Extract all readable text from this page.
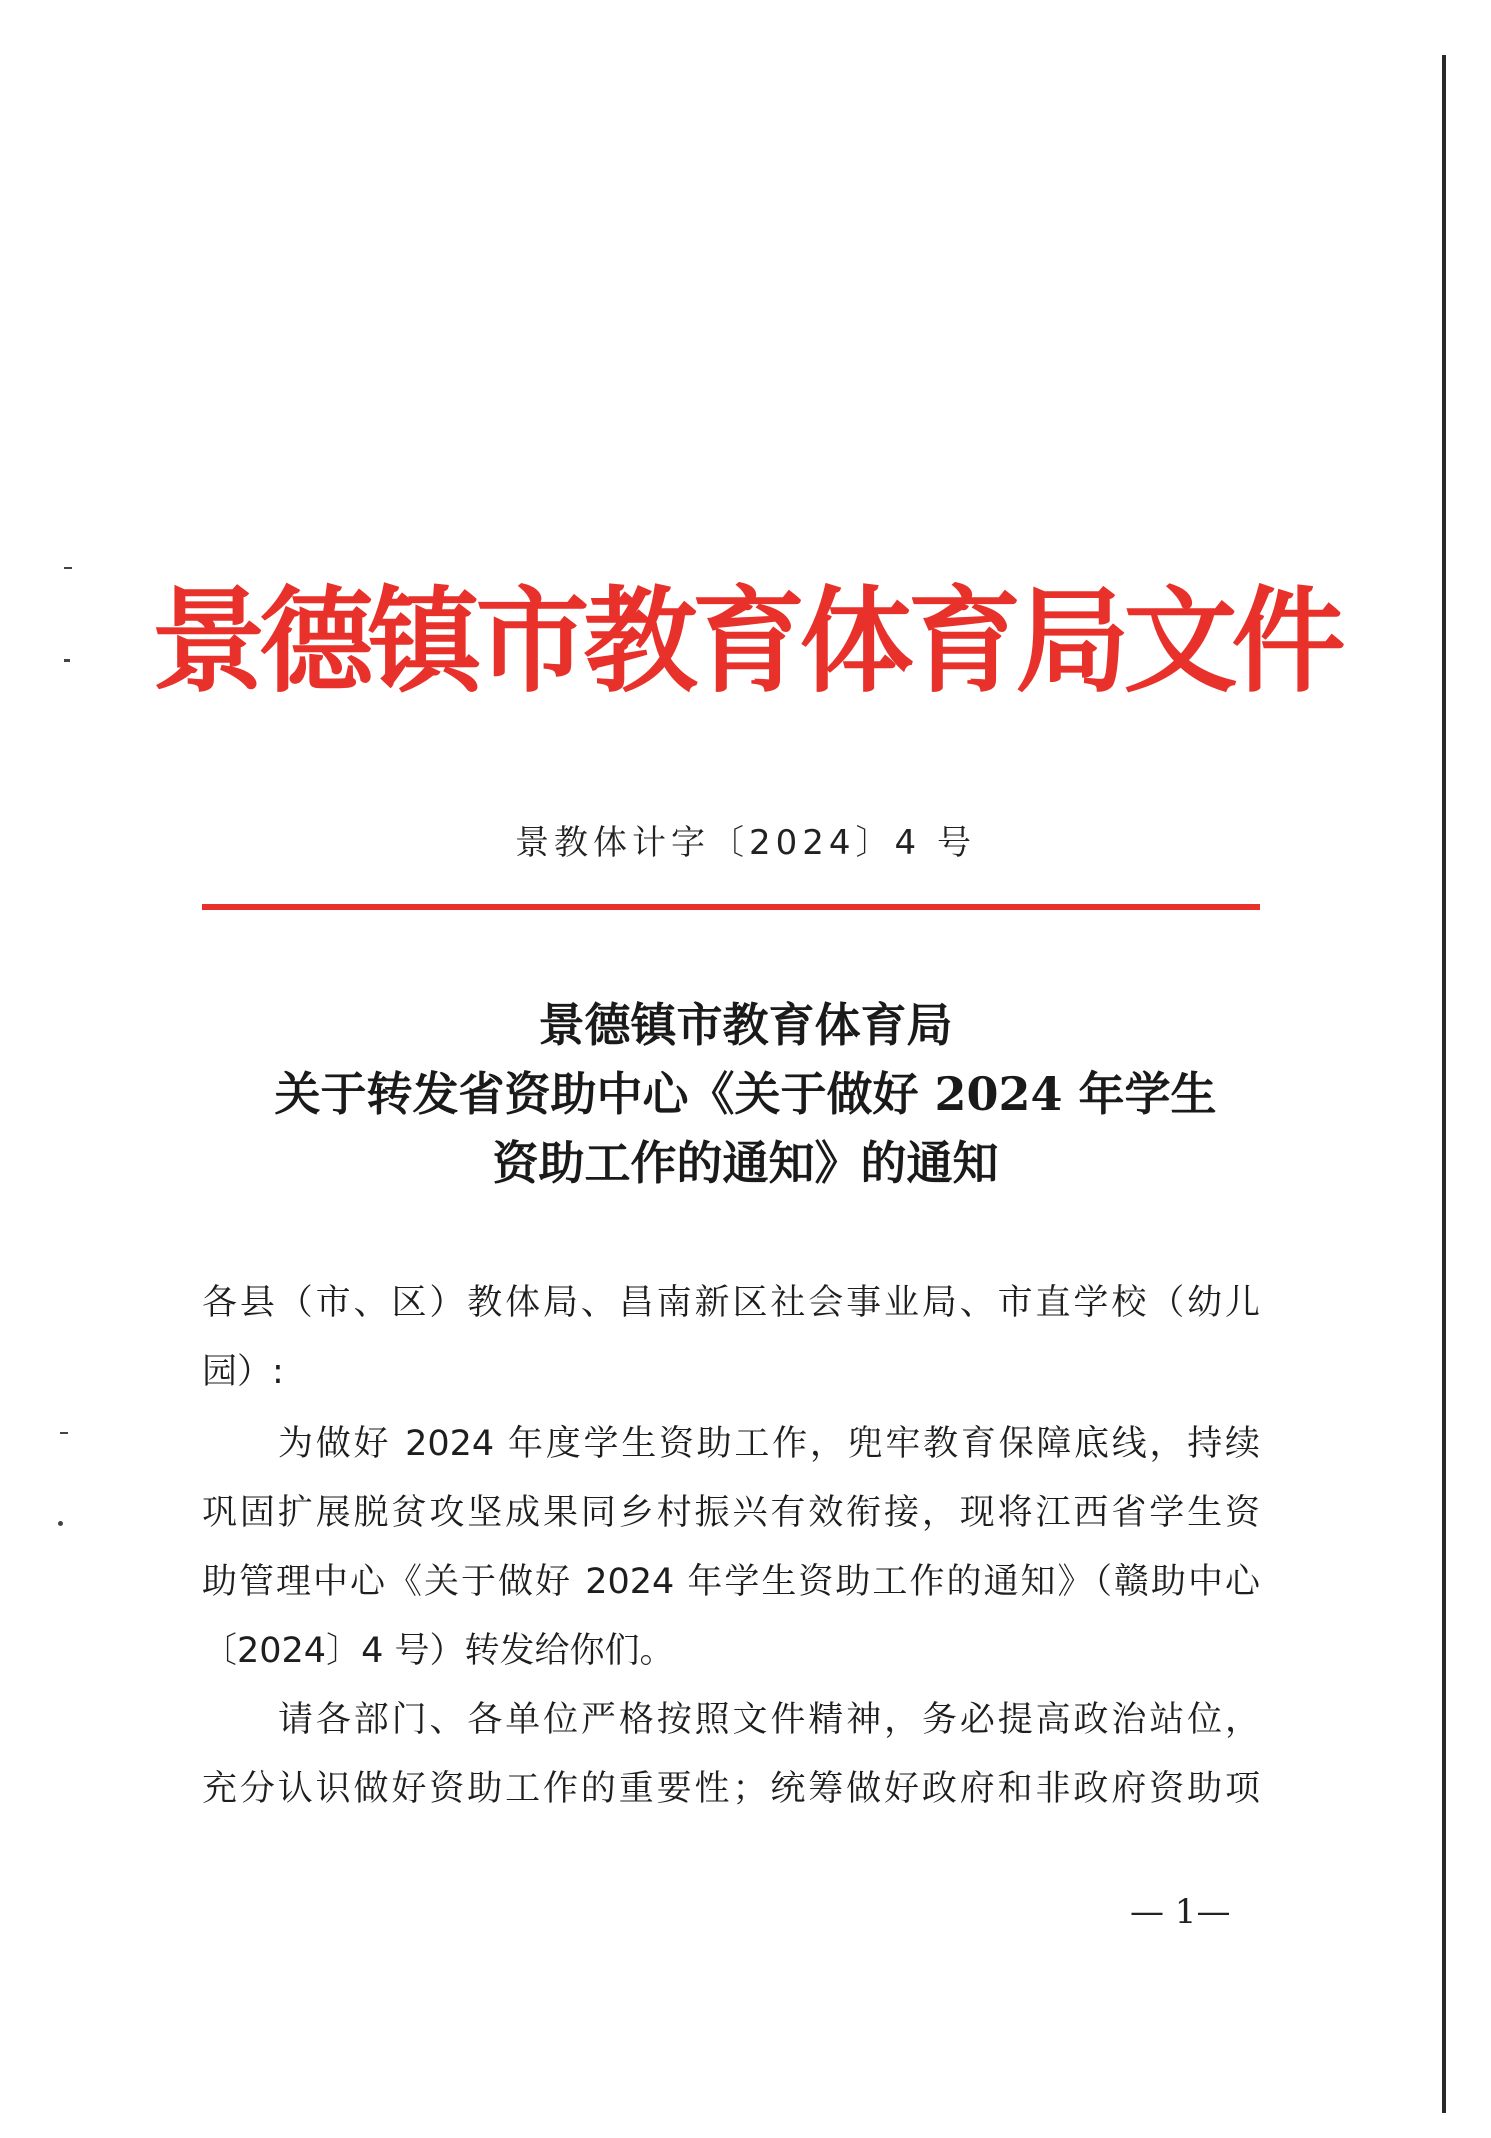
景德镇市教育体育局文件
景教体计字〔2024〕4 号
景德镇市教育体育局
关于转发省资助中心《关于做好 2024 年学生
资助工作的通知》的通知
各县（市、区）教体局、昌南新区社会事业局、市直学校（幼儿
园）:
为做好 2024 年度学生资助工作，兜牢教育保障底线，持续
巩固扩展脱贫攻坚成果同乡村振兴有效衔接，现将江西省学生资
助管理中心《关于做好 2024 年学生资助工作的通知》（赣助中心
〔2024〕4 号）转发给你们。
请各部门、各单位严格按照文件精神，务必提高政治站位，
充分认识做好资助工作的重要性；统筹做好政府和非政府资助项
— 1—
